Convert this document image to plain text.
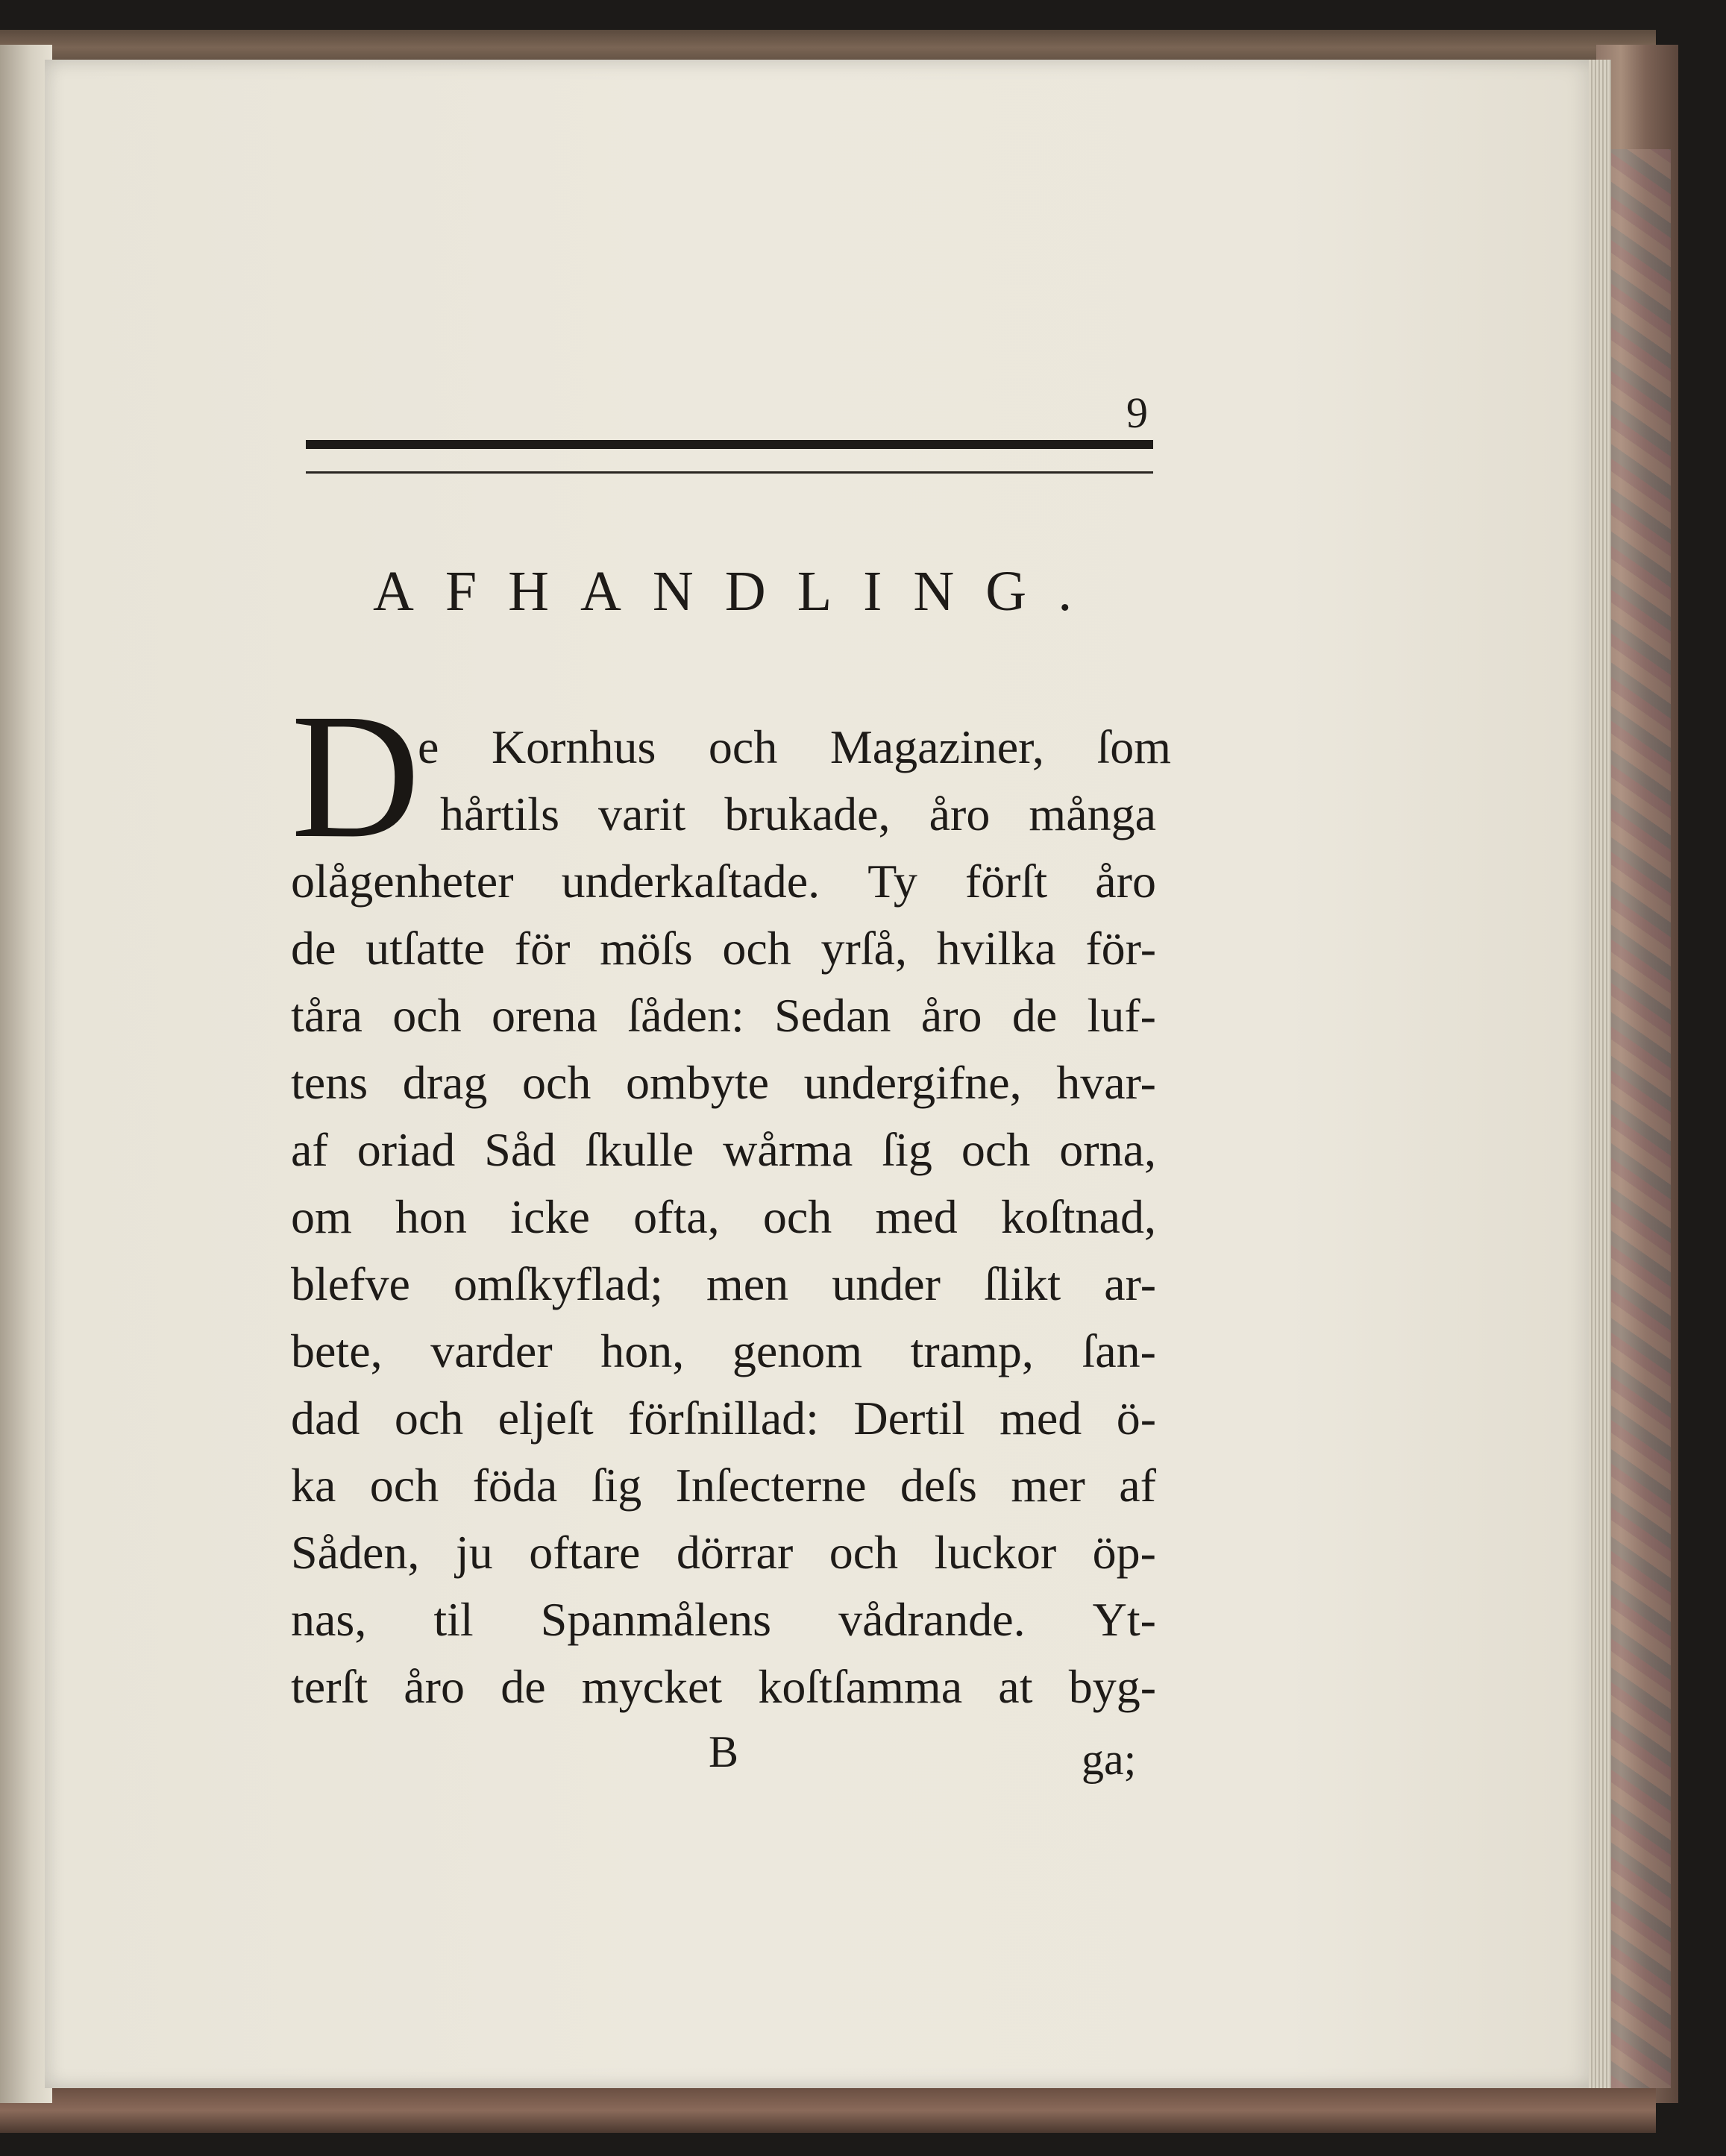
9
AFHANDLING.
D
e Kornhus och Magaziner, ſom
hårtils varit brukade, åro många
olågenheter underkaſtade. Ty förſt åro
de utſatte för möſs och yrſå, hvilka för-
tåra och orena ſåden: Sedan åro de luf-
tens drag och ombyte undergifne, hvar-
af oriad Såd ſkulle wårma ſig och orna,
om hon icke ofta, och med koſtnad,
blefve omſkyflad; men under ſlikt ar-
bete, varder hon, genom tramp, ſan-
dad och eljeſt förſnillad: Dertil med ö-
ka och föda ſig Inſecterne deſs mer af
Såden, ju oftare dörrar och luckor öp-
nas, til Spanmålens vådrande. Yt-
terſt åro de mycket koſtſamma at byg-
B	ga;
